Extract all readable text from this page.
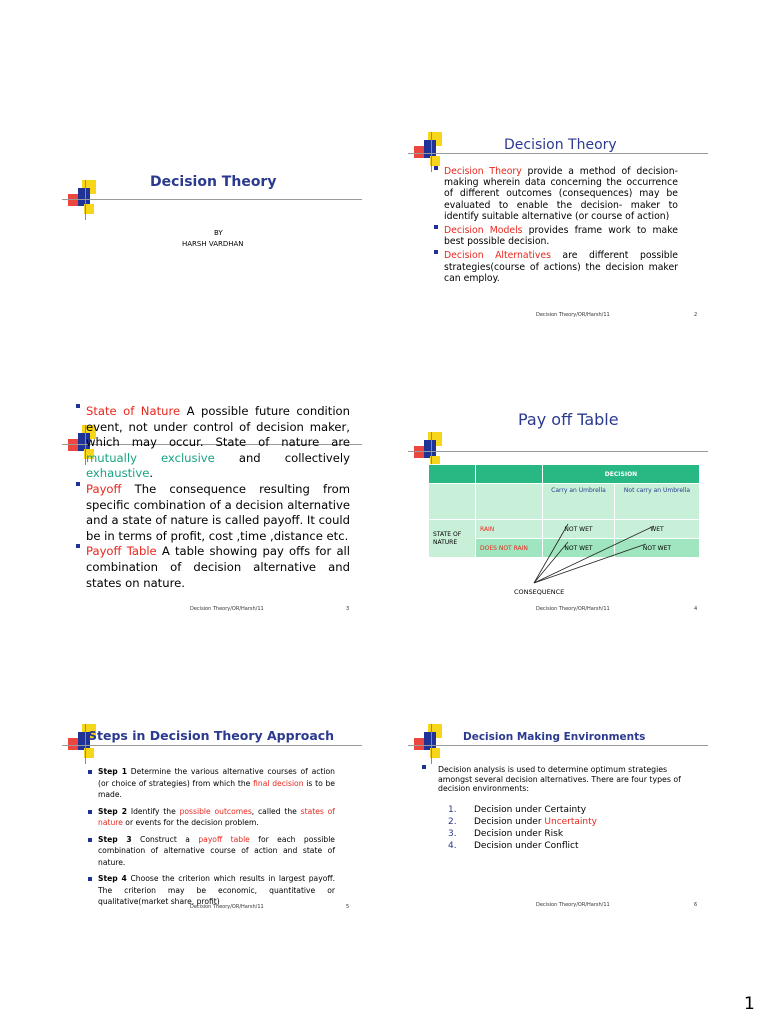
Decision Theory
BY
HARSH VARDHAN
Decision Theory
Decision Theory provide a method of decision-making wherein data concerning the occurrence of different outcomes (consequences) may be evaluated to enable the decision- maker to identify suitable alternative (or course of action)
Decision Models provides frame work to make best possible decision.
Decision Alternatives are different possible strategies(course of actions) the decision maker can employ.
Decision Theory/OR/Harsh/11	2
State of Nature A possible future condition event, not under control of decision maker, which may occur. State of nature are mutually exclusive and collectively exhaustive.
Payoff The consequence resulting from specific combination of a decision alternative and a state of nature is called payoff. It could be in terms of profit, cost ,time ,distance etc.
Payoff Table A table showing pay offs for all combination of decision alternative and states on nature.
Decision Theory/OR/Harsh/11	3
Pay off Table
		DECISION	
		Carry an Umbrella	Not carry an Umbrella
STATE OF NATURE	RAIN	NOT WET	WET
	DOES NOT RAIN	NOT WET	NOT WET
CONSEQUENCE
Decision Theory/OR/Harsh/11	4
Steps in Decision Theory Approach
Step 1 Determine the various alternative courses of action (or choice of strategies) from which the final decision is to be made.
Step 2 Identify the possible outcomes, called the states of nature or events for the decision problem.
Step 3 Construct a payoff table for each possible combination of alternative course of action and state of nature.
Step 4 Choose the criterion which results in largest payoff. The criterion may be economic, quantitative or qualitative(market share, profit)
Decision Theory/OR/Harsh/11	5
Decision Making Environments
Decision analysis is used to determine optimum strategies amongst several decision alternatives. There are four types of decision environments:
1. Decision under Certainty
2. Decision under Uncertainty
3. Decision under Risk
4. Decision under Conflict
Decision Theory/OR/Harsh/11	6
1
